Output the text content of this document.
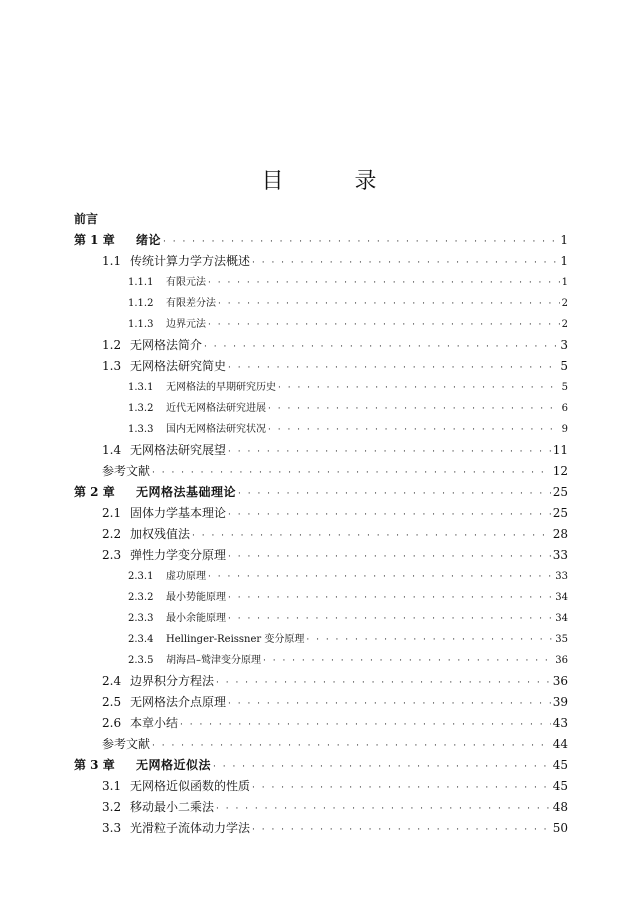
目 录
前言
第 1 章	绪论 · · ·	1
1.1 传统计算力学方法概述 · · ·	1
1.1.1	有限元法 · · ·	1
1.1.2	有限差分法 · · ·	2
1.1.3	边界元法 · · ·	2
1.2 无网格法简介 · · ·	3
1.3 无网格法研究简史 · · ·	5
1.3.1	无网格法的早期研究历史 · · ·	5
1.3.2	近代无网格法研究进展 · · ·	6
1.3.3	国内无网格法研究状况 · · ·	9
1.4 无网格法研究展望 · · ·	11
参考文献 · · ·	12
第 2 章	无网格法基础理论 · · ·	25
2.1 固体力学基本理论 · · ·	25
2.2 加权残值法 · · ·	28
2.3 弹性力学变分原理 · · ·	33
2.3.1	虚功原理 · · ·	33
2.3.2	最小势能原理 · · ·	34
2.3.3	最小余能原理 · · ·	34
2.3.4	Hellinger-Reissner 变分原理 · · ·	35
2.3.5	胡海昌–鹫津变分原理 · · ·	36
2.4 边界积分方程法 · · ·	36
2.5 无网格法介点原理 · · ·	39
2.6 本章小结 · · ·	43
参考文献 · · ·	44
第 3 章	无网格近似法 · · ·	45
3.1 无网格近似函数的性质 · · ·	45
3.2 移动最小二乘法 · · ·	48
3.3 光滑粒子流体动力学法 · · ·	50
